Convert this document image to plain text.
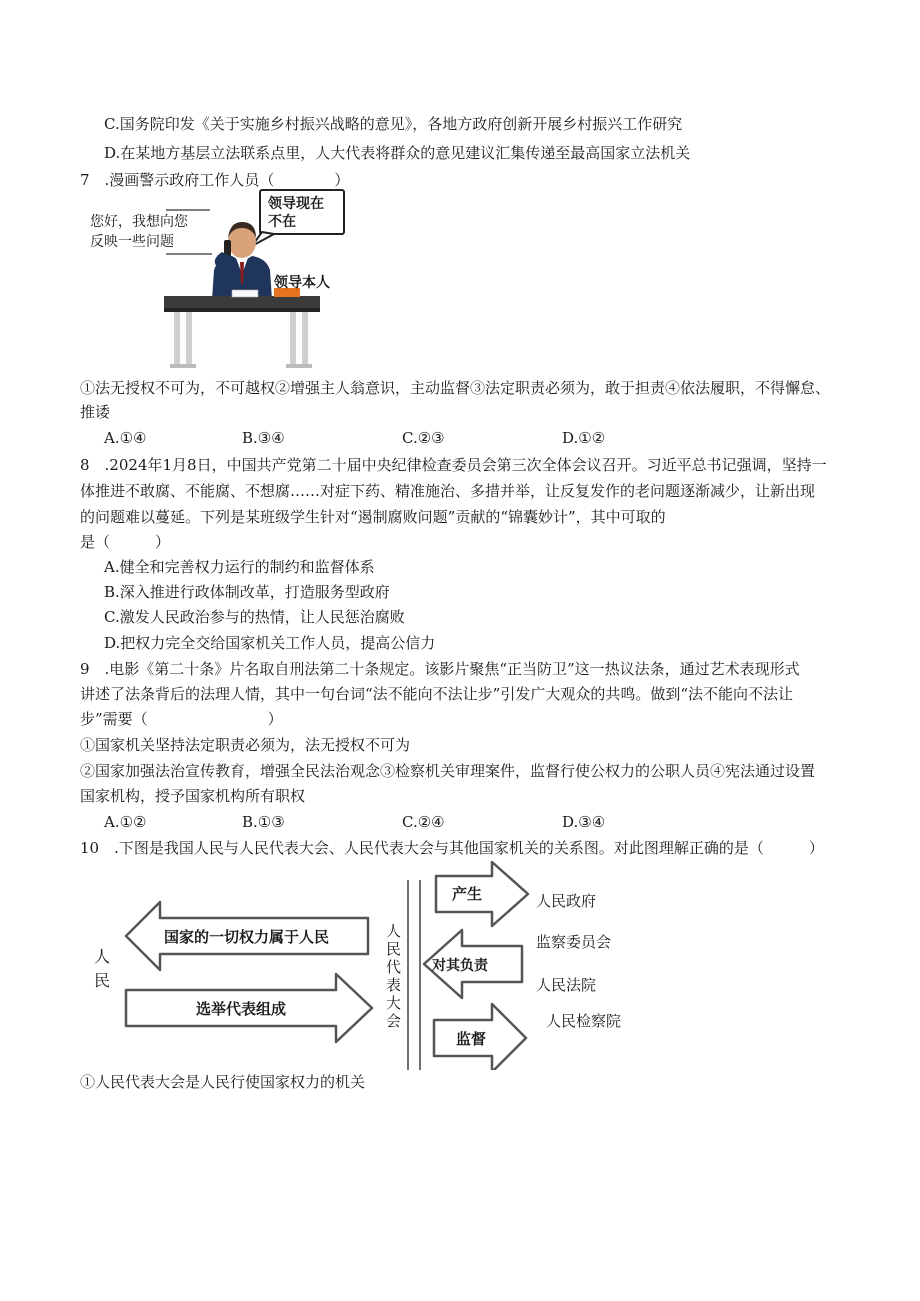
C.国务院印发《关于实施乡村振兴战略的意见》，各地方政府创新开展乡村振兴工作研究
D.在某地方基层立法联系点里，人大代表将群众的意见建议汇集传递至最高国家立法机关
7　.漫画警示政府工作人员（　　　　）
您好，我想向您
反映一些问题
领导现在
不在
领导本人
①法无授权不可为，不可越权②增强主人翁意识，主动监督③法定职责必须为，敢于担责④依法履职，不得懈怠、
推诿
A.①④	B.③④	C.②③	D.①②
8　.2024年1月8日，中国共产党第二十届中央纪律检查委员会第三次全体会议召开。习近平总书记强调，坚持一
体推进不敢腐、不能腐、不想腐……对症下药、精准施治、多措并举，让反复发作的老问题逐渐减少，让新出现
的问题难以蔓延。下列是某班级学生针对“遏制腐败问题”贡献的“锦囊妙计”，其中可取的
是（　　　）
A.健全和完善权力运行的制约和监督体系
B.深入推进行政体制改革，打造服务型政府
C.激发人民政治参与的热情，让人民惩治腐败
D.把权力完全交给国家机关工作人员，提高公信力
9　.电影《第二十条》片名取自刑法第二十条规定。该影片聚焦“正当防卫”这一热议法条，通过艺术表现形式
讲述了法条背后的法理人情，其中一句台词“法不能向不法让步”引发广大观众的共鸣。做到“法不能向不法让
步”需要（　　　　　　　　）
①国家机关坚持法定职责必须为，法无授权不可为
②国家加强法治宣传教育，增强全民法治观念③检察机关审理案件，监督行使公权力的公职人员④宪法通过设置
国家机构，授予国家机构所有职权
A.①②	B.①③	C.②④	D.③④
10　.下图是我国人民与人民代表大会、人民代表大会与其他国家机关的关系图。对此图理解正确的是（　　　）
人
民
国家的一切权力属于人民
选举代表组成
人
民
代
表
大
会
产生
对其负责
监督
人民政府
监察委员会
人民法院
人民检察院
①人民代表大会是人民行使国家权力的机关
